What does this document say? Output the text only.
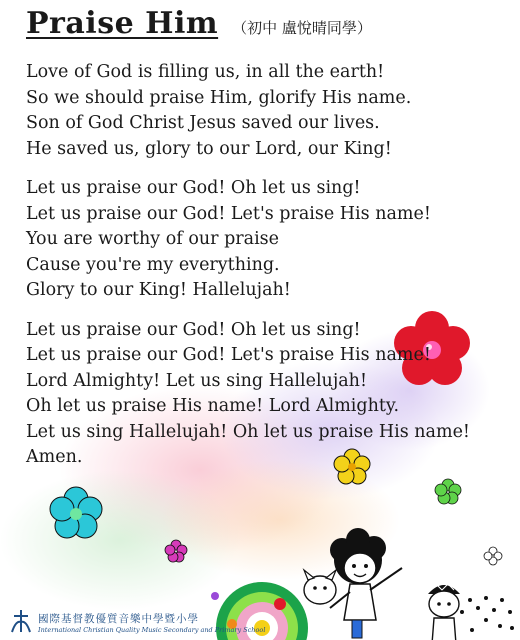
Praise Him （初中 盧悅晴同學）
Love of God is filling us, in all the earth!
So we should praise Him, glorify His name.
Son of God Christ Jesus saved our lives.
He saved us, glory to our Lord, our King!
Let us praise our God! Oh let us sing!
Let us praise our God! Let's praise His name!
You are worthy of our praise
Cause you're my everything.
Glory to our King! Hallelujah!
Let us praise our God! Oh let us sing!
Let us praise our God! Let's praise His name!
Lord Almighty! Let us sing Hallelujah!
Oh let us praise His name! Lord Almighty.
Let us sing Hallelujah! Oh let us praise His name!
Amen.
國際基督教優質音樂中學暨小學
International Christian Quality Music Secondary and Primary School
